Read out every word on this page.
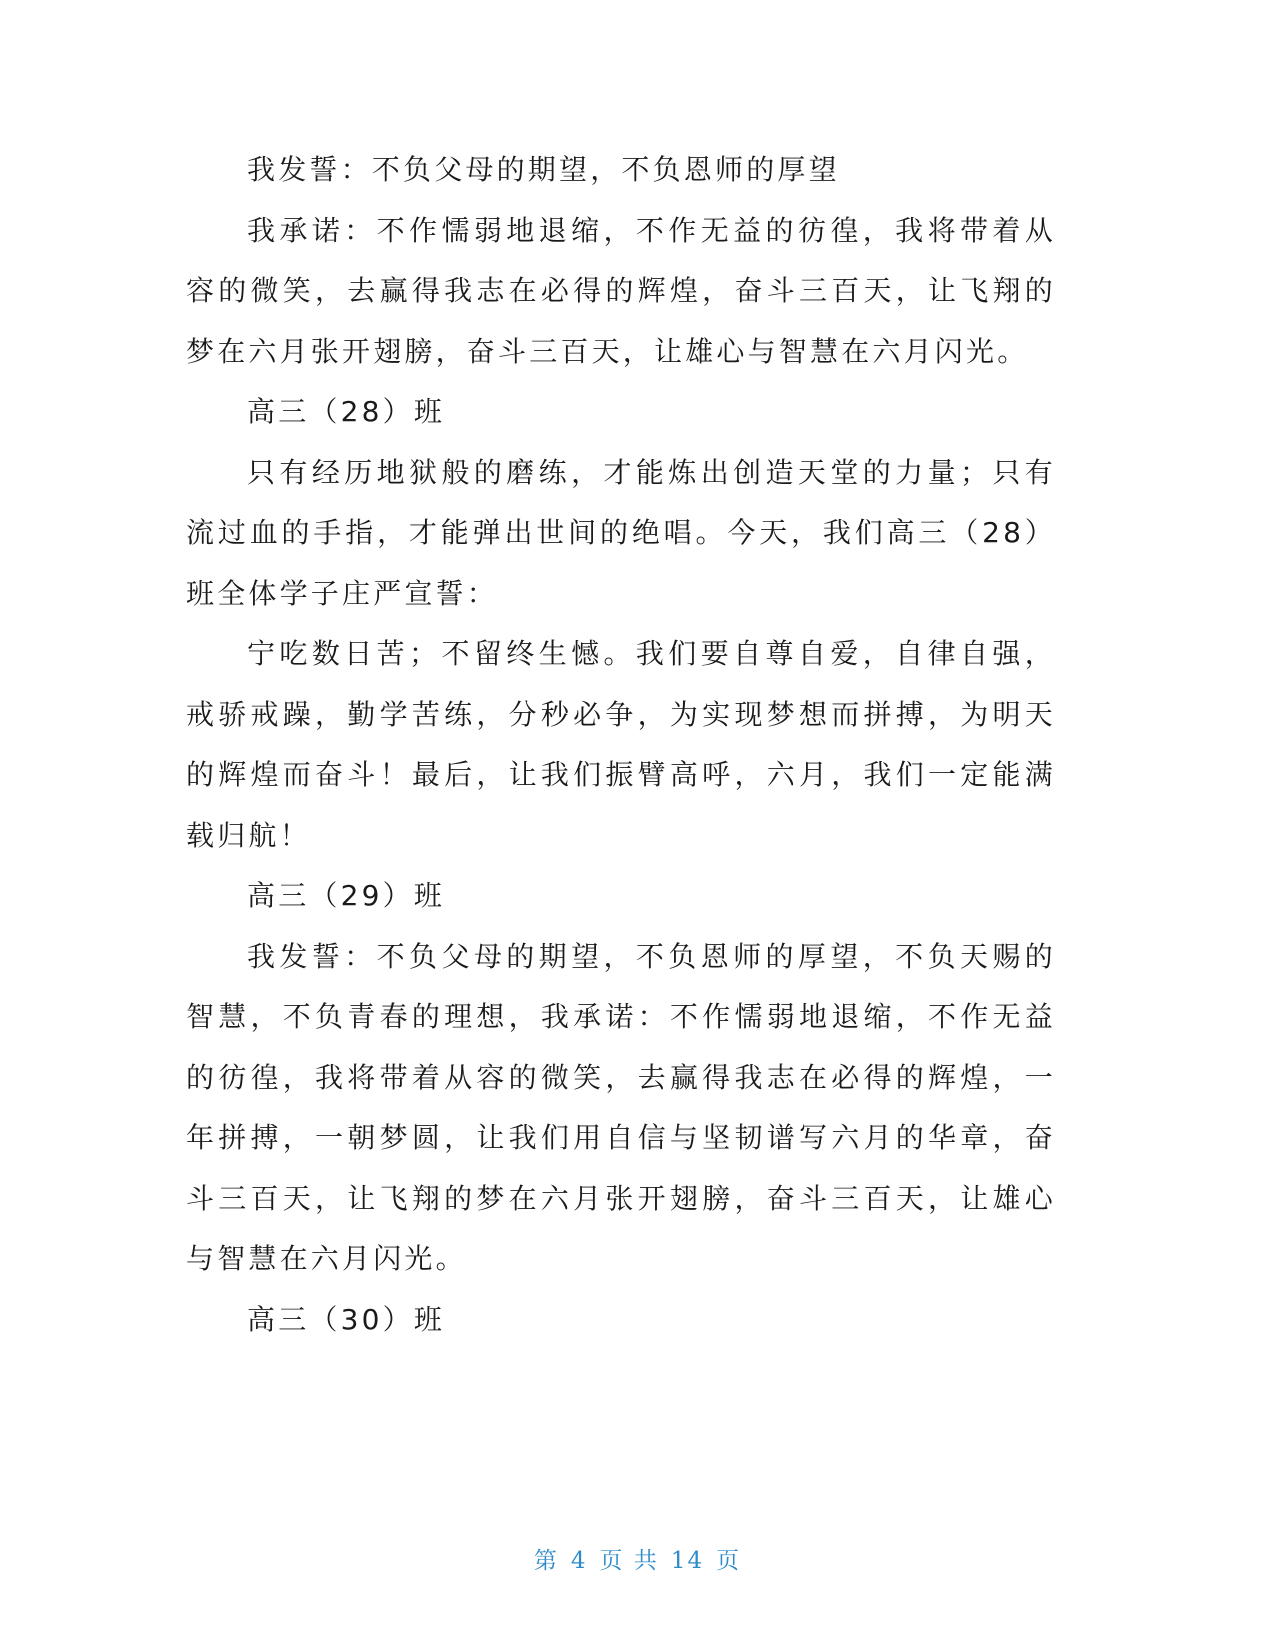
我发誓：不负父母的期望，不负恩师的厚望

我承诺：不作懦弱地退缩，不作无益的彷徨，我将带着从容的微笑，去赢得我志在必得的辉煌，奋斗三百天，让飞翔的梦在六月张开翅膀，奋斗三百天，让雄心与智慧在六月闪光。

高三（28）班

只有经历地狱般的磨练，才能炼出创造天堂的力量；只有流过血的手指，才能弹出世间的绝唱。今天，我们高三（28）班全体学子庄严宣誓：

宁吃数日苦；不留终生憾。我们要自尊自爱，自律自强，戒骄戒躁，勤学苦练，分秒必争，为实现梦想而拼搏，为明天的辉煌而奋斗！最后，让我们振臂高呼，六月，我们一定能满载归航！

高三（29）班

我发誓：不负父母的期望，不负恩师的厚望，不负天赐的智慧，不负青春的理想，我承诺：不作懦弱地退缩，不作无益的彷徨，我将带着从容的微笑，去赢得我志在必得的辉煌，一年拼搏，一朝梦圆，让我们用自信与坚韧谱写六月的华章，奋斗三百天，让飞翔的梦在六月张开翅膀，奋斗三百天，让雄心与智慧在六月闪光。

高三（30）班

第 4 页 共 14 页
